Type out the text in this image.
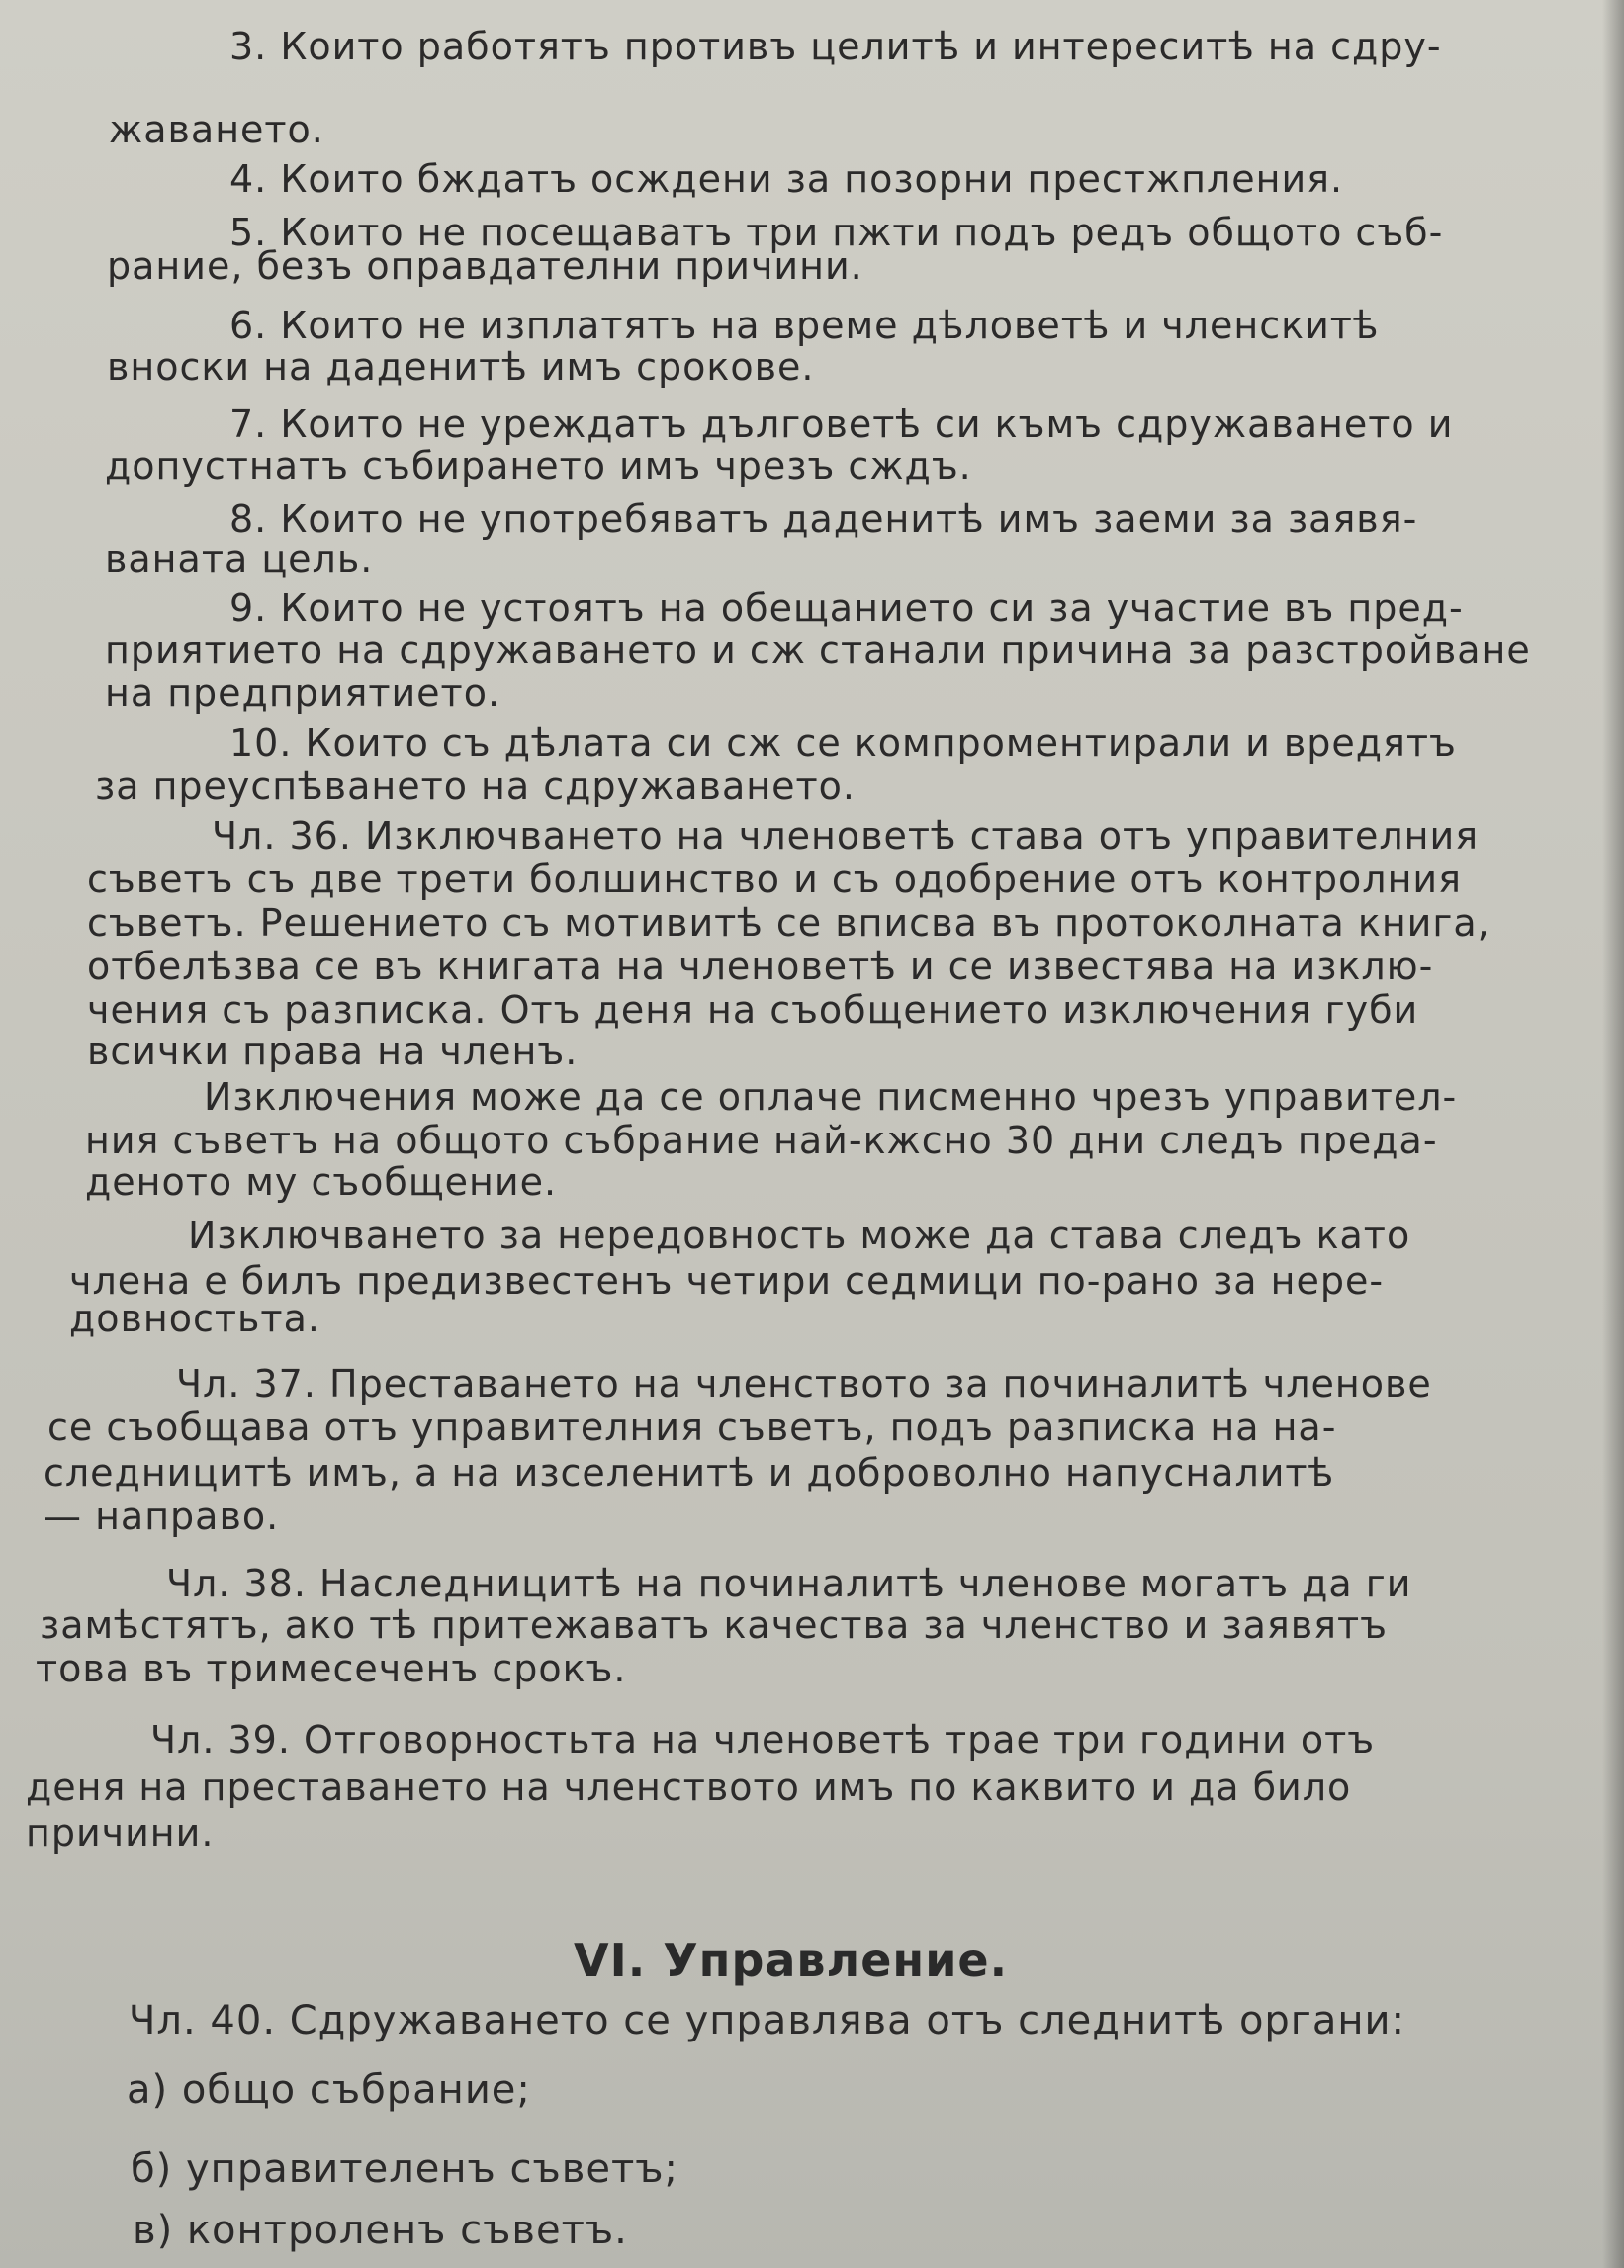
3. Които работятъ противъ целитѣ и интереситѣ на сдру-
жаването.
4. Които бждатъ осждени за позорни престжпления.
5. Които не посещаватъ три пжти подъ редъ общото съб-
рание, безъ оправдателни причини.
6. Които не изплатятъ на време дѣловетѣ и членскитѣ
вноски на даденитѣ имъ срокове.
7. Които не уреждатъ дълговетѣ си къмъ сдружаването и
допустнатъ събирането имъ чрезъ сждъ.
8. Които не употребяватъ даденитѣ имъ заеми за заявя-
ваната цель.
9. Които не устоятъ на обещанието си за участие въ пред-
приятието на сдружаването и сж станали причина за разстройване
на предприятието.
10. Които съ дѣлата си сж се компроментирали и вредятъ
за преуспѣването на сдружаването.
Чл. 36. Изключването на членоветѣ става отъ управителния
съветъ съ две трети болшинство и съ одобрение отъ контролния
съветъ. Решението съ мотивитѣ се вписва въ протоколната книга,
отбелѣзва се въ книгата на членоветѣ и се известява на изклю-
чения съ разписка. Отъ деня на съобщението изключения губи
всички права на членъ.
Изключения може да се оплаче писменно чрезъ управител-
ния съветъ на общото събрание най-кжсно 30 дни следъ преда-
деното му съобщение.
Изключването за нередовность може да става следъ като
члена е билъ предизвестенъ четири седмици по-рано за нере-
довностьта.
Чл. 37. Преставането на членството за починалитѣ членове
се съобщава отъ управителния съветъ, подъ разписка на на-
следницитѣ имъ, а на изселенитѣ и доброволно напусналитѣ
— направо.
Чл. 38. Наследницитѣ на починалитѣ членове могатъ да ги
замѣстятъ, ако тѣ притежаватъ качества за членство и заявятъ
това въ тримесеченъ срокъ.
Чл. 39. Отговорностьта на членоветѣ трае три години отъ
деня на преставането на членството имъ по каквито и да било
причини.
VI. Управление.
Чл. 40. Сдружаването се управлява отъ следнитѣ органи:
а) общо събрание;
б) управителенъ съветъ;
в) контроленъ съветъ.
